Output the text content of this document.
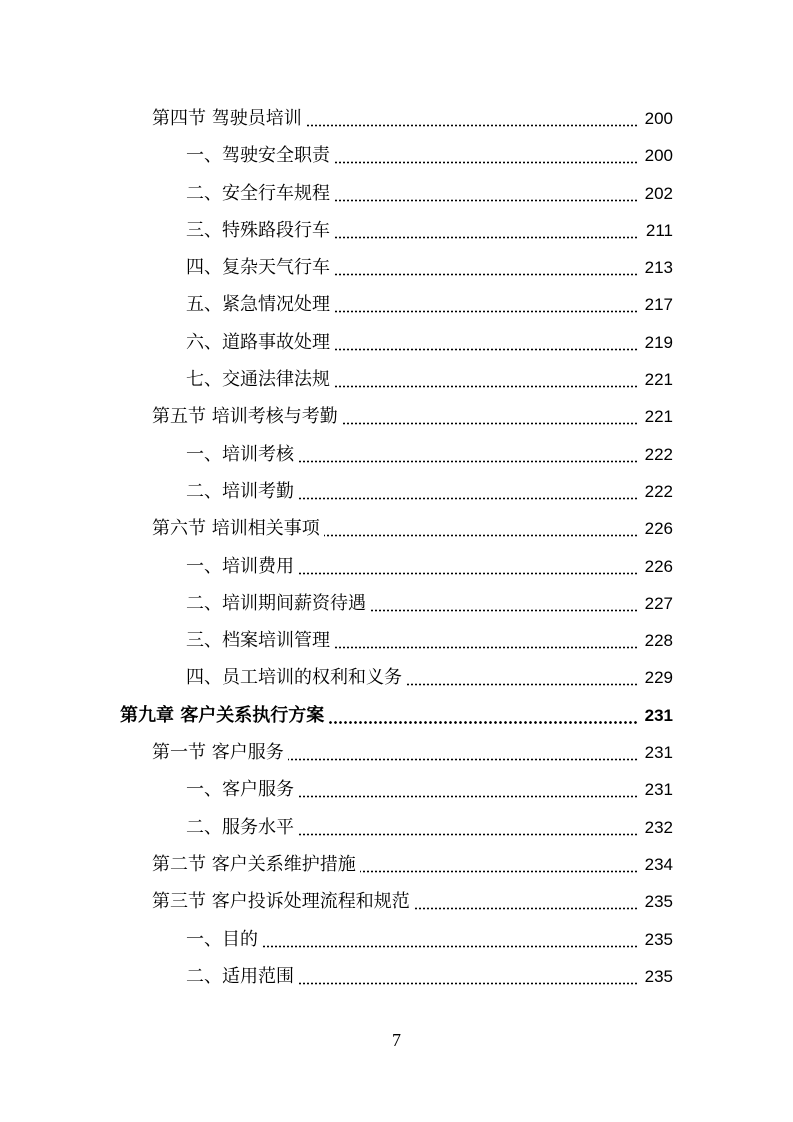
第四节 驾驶员培训	200
一、驾驶安全职责	200
二、安全行车规程	202
三、特殊路段行车	211
四、复杂天气行车	213
五、紧急情况处理	217
六、道路事故处理	219
七、交通法律法规	221
第五节 培训考核与考勤	221
一、培训考核	222
二、培训考勤	222
第六节 培训相关事项	226
一、培训费用	226
二、培训期间薪资待遇	227
三、档案培训管理	228
四、员工培训的权利和义务	229
第九章 客户关系执行方案	231
第一节 客户服务	231
一、客户服务	231
二、服务水平	232
第二节 客户关系维护措施	234
第三节 客户投诉处理流程和规范	235
一、目的	235
二、适用范围	235
7
